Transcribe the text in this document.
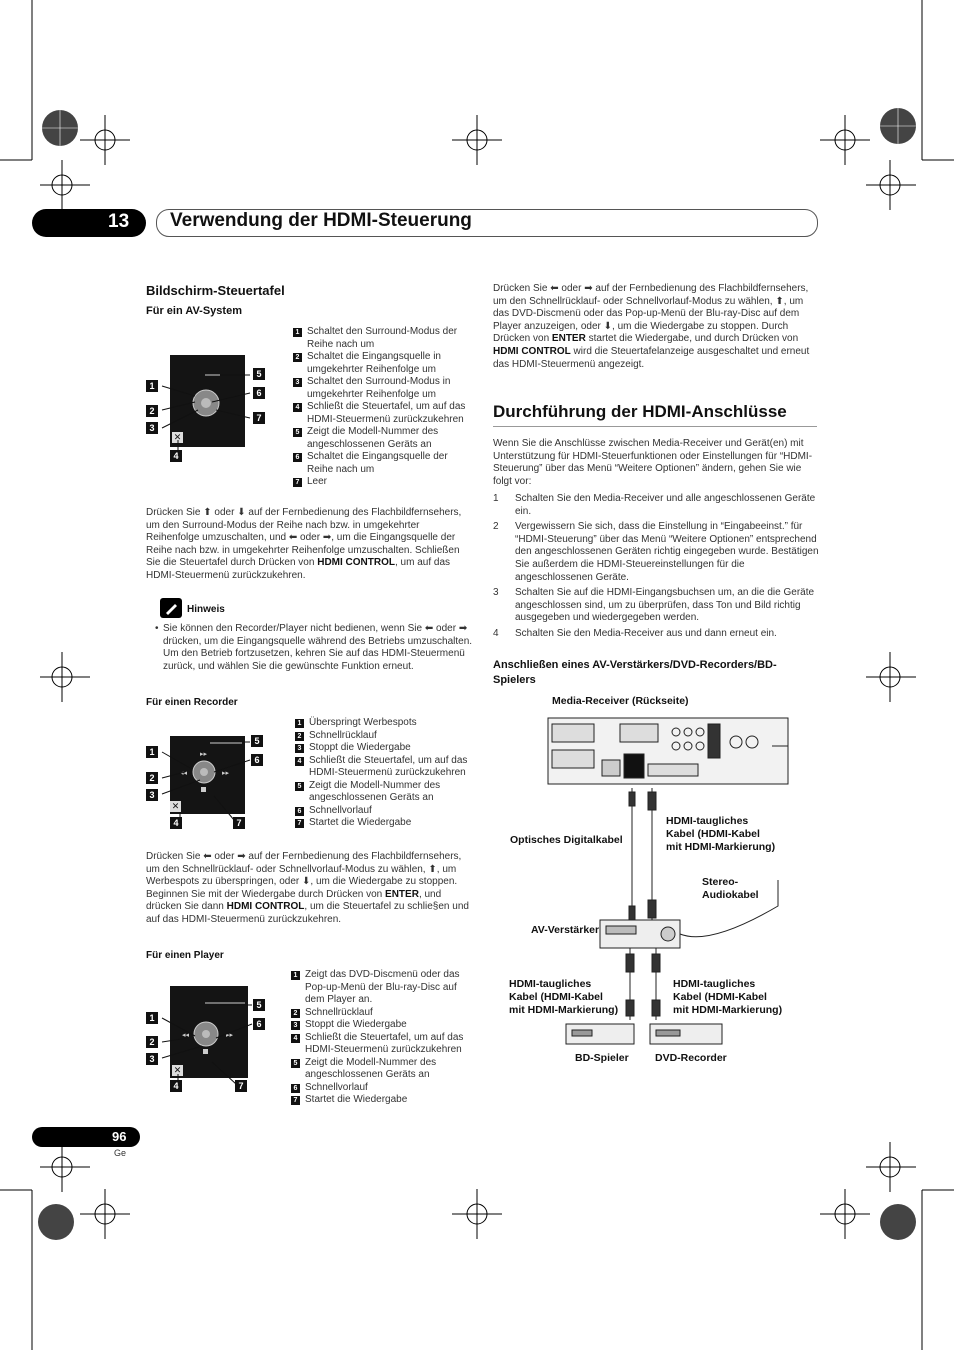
13 Verwendung der HDMI-Steuerung
Bildschirm-Steuertafel
Für ein AV-System
✕
1
2
3
4
5
6
7
1 Schaltet den Surround-Modus der Reihe nach um
2 Schaltet die Eingangsquelle in umgekehrter Reihenfolge um
3 Schaltet den Surround-Modus in umgekehrter Reihenfolge um
4 Schließt die Steuertafel, um auf das HDMI-Steuermenü zurückzukehren
5 Zeigt die Modell-Nummer des angeschlossenen Geräts an
6 Schaltet die Eingangsquelle der Reihe nach um
7 Leer
Drücken Sie ⬆ oder ⬇ auf der Fernbedienung des Flachbildfernsehers, um den Surround-Modus der Reihe nach bzw. in umgekehrter Reihenfolge umzuschalten, und ⬅ oder ➡, um die Eingangsquelle der Reihe nach bzw. in umgekehrter Reihenfolge umzuschalten. Schließen Sie die Steuertafel durch Drücken von HDMI CONTROL, um auf das HDMI-Steuermenü zurückzukehren.
Hinweis
• Sie können den Recorder/Player nicht bedienen, wenn Sie ⬅ oder ➡ drücken, um die Eingangsquelle während des Betriebs umzuschalten. Um den Betrieb fortzusetzen, kehren Sie auf das HDMI-Steuermenü zurück, und wählen Sie die gewünschte Funktion erneut.
Für einen Recorder
▸▸
◂◂	▸▸
✕
1
2
3
4
5
6
7
1 Überspringt Werbespots
2 Schnellrücklauf
3 Stoppt die Wiedergabe
4 Schließt die Steuertafel, um auf das HDMI-Steuermenü zurückzukehren
5 Zeigt die Modell-Nummer des angeschlossenen Geräts an
6 Schnellvorlauf
7 Startet die Wiedergabe
Drücken Sie ⬅ oder ➡ auf der Fernbedienung des Flachbildfernsehers, um den Schnellrücklauf- oder Schnellvorlauf-Modus zu wählen, ⬆, um Werbespots zu überspringen, oder ⬇, um die Wiedergabe zu stoppen. Beginnen Sie mit der Wiedergabe durch Drücken von ENTER, und drücken Sie dann HDMI CONTROL, um die Steuertafel zu schlie§en und auf das HDMI-Steuermenü zurückzukehren.
Für einen Player
◂◂	▸▸
✕
1
2
3
4
5
6
7
1 Zeigt das DVD-Discmenü oder das Pop-up-Menü der Blu-ray-Disc auf dem Player an.
2 Schnellrücklauf
3 Stoppt die Wiedergabe
4 Schließt die Steuertafel, um auf das HDMI-Steuermenü zurückzukehren
5 Zeigt die Modell-Nummer des angeschlossenen Geräts an
6 Schnellvorlauf
7 Startet die Wiedergabe
Drücken Sie ⬅ oder ➡ auf der Fernbedienung des Flachbildfernsehers, um den Schnellrücklauf- oder Schnellvorlauf-Modus zu wählen, ⬆, um das DVD-Discmenü oder das Pop-up-Menü der Blu-ray-Disc auf dem Player anzuzeigen, oder ⬇, um die Wiedergabe zu stoppen. Durch Drücken von ENTER startet die Wiedergabe, und durch Drücken von HDMI CONTROL wird die Steuertafelanzeige ausgeschaltet und erneut das HDMI-Steuermenü angezeigt.
Durchführung der HDMI-Anschlüsse
Wenn Sie die Anschlüsse zwischen Media-Receiver und Gerät(en) mit Unterstützung für HDMI-Steuerfunktionen oder Einstellungen für “HDMI-Steuerung” über das Menü “Weitere Optionen” ändern, gehen Sie wie folgt vor:
1 Schalten Sie den Media-Receiver und alle angeschlossenen Geräte ein.
2 Vergewissern Sie sich, dass die Einstellung in “Eingabeeinst.” für “HDMI-Steuerung” über das Menü “Weitere Optionen” entsprechend den angeschlossenen Geräten richtig eingegeben wurde. Bestätigen Sie außerdem die HDMI-Steuereinstellungen für die angeschlossenen Geräte.
3 Schalten Sie auf die HDMI-Eingangsbuchsen um, an die die Geräte angeschlossen sind, um zu überprüfen, dass Ton und Bild richtig ausgegeben und wiedergegeben werden.
4 Schalten Sie den Media-Receiver aus und dann erneut ein.
Anschließen eines AV-Verstärkers/DVD-Recorders/BD-Spielers
Media-Receiver (Rückseite)
Optisches Digitalkabel
HDMI-taugliches Kabel (HDMI-Kabel mit HDMI-Markierung)
Stereo-Audiokabel
AV-Verstärker
HDMI-taugliches Kabel (HDMI-Kabel mit HDMI-Markierung)
HDMI-taugliches Kabel (HDMI-Kabel mit HDMI-Markierung)
BD-Spieler	DVD-Recorder
96
Ge
